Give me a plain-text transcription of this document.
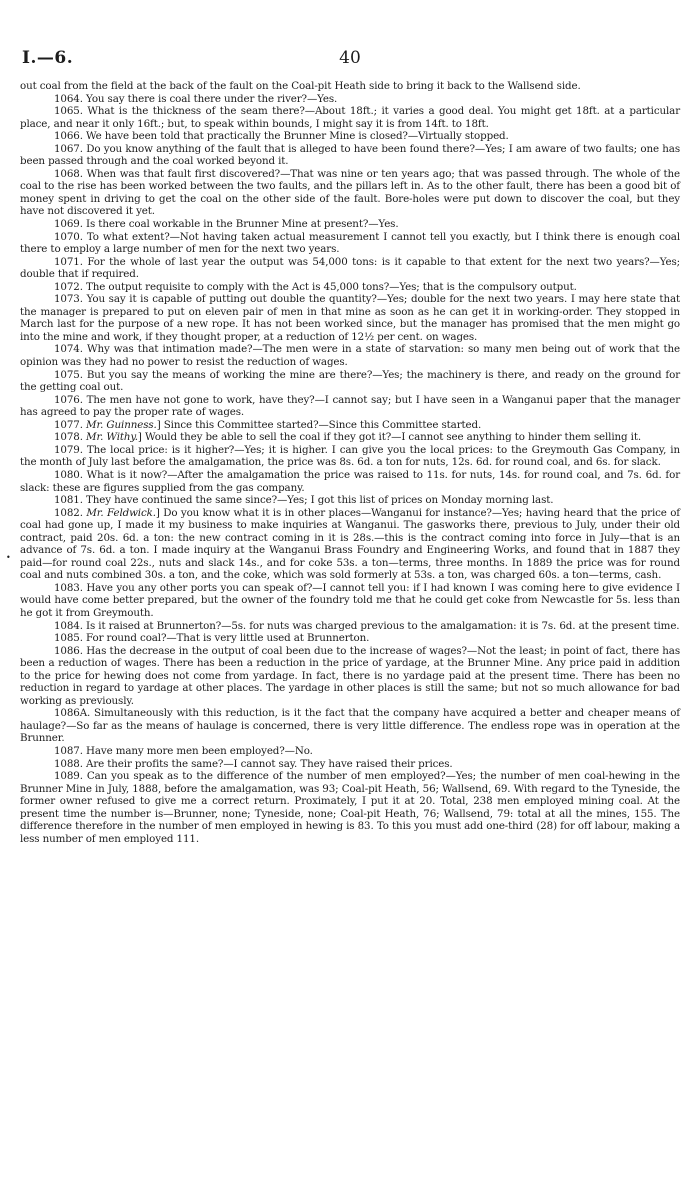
I.—6.	40
•

out coal from the field at the back of the fault on the Coal-pit Heath side to bring it back to the Wallsend side.

1064. You say there is coal there under the river?—Yes.

1065. What is the thickness of the seam there?—About 18ft.; it varies a good deal. You might get 18ft. at a particular place, and near it only 16ft.; but, to speak within bounds, I might say it is from 14ft. to 18ft.

1066. We have been told that practically the Brunner Mine is closed?—Virtually stopped.

1067. Do you know anything of the fault that is alleged to have been found there?—Yes; I am aware of two faults; one has been passed through and the coal worked beyond it.

1068. When was that fault first discovered?—That was nine or ten years ago; that was passed through. The whole of the coal to the rise has been worked between the two faults, and the pillars left in. As to the other fault, there has been a good bit of money spent in driving to get the coal on the other side of the fault. Bore-holes were put down to discover the coal, but they have not discovered it yet.

1069. Is there coal workable in the Brunner Mine at present?—Yes.

1070. To what extent?—Not having taken actual measurement I cannot tell you exactly, but I think there is enough coal there to employ a large number of men for the next two years.

1071. For the whole of last year the output was 54,000 tons: is it capable to that extent for the next two years?—Yes; double that if required.

1072. The output requisite to comply with the Act is 45,000 tons?—Yes; that is the compulsory output.

1073. You say it is capable of putting out double the quantity?—Yes; double for the next two years. I may here state that the manager is prepared to put on eleven pair of men in that mine as soon as he can get it in working-order. They stopped in March last for the purpose of a new rope. It has not been worked since, but the manager has promised that the men might go into the mine and work, if they thought proper, at a reduction of 12½ per cent. on wages.

1074. Why was that intimation made?—The men were in a state of starvation: so many men being out of work that the opinion was they had no power to resist the reduction of wages.

1075. But you say the means of working the mine are there?—Yes; the machinery is there, and ready on the ground for the getting coal out.

1076. The men have not gone to work, have they?—I cannot say; but I have seen in a Wanganui paper that the manager has agreed to pay the proper rate of wages.

1077. Mr. Guinness.] Since this Committee started?—Since this Committee started.

1078. Mr. Withy.] Would they be able to sell the coal if they got it?—I cannot see anything to hinder them selling it.

1079. The local price: is it higher?—Yes; it is higher. I can give you the local prices: to the Greymouth Gas Company, in the month of July last before the amalgamation, the price was 8s. 6d. a ton for nuts, 12s. 6d. for round coal, and 6s. for slack.

1080. What is it now?—After the amalgamation the price was raised to 11s. for nuts, 14s. for round coal, and 7s. 6d. for slack: these are figures supplied from the gas company.

1081. They have continued the same since?—Yes; I got this list of prices on Monday morning last.

1082. Mr. Feldwick.] Do you know what it is in other places—Wanganui for instance?—Yes; having heard that the price of coal had gone up, I made it my business to make inquiries at Wanganui. The gasworks there, previous to July, under their old contract, paid 20s. 6d. a ton: the new contract coming in it is 28s.—this is the contract coming into force in July—that is an advance of 7s. 6d. a ton. I made inquiry at the Wanganui Brass Foundry and Engineering Works, and found that in 1887 they paid—for round coal 22s., nuts and slack 14s., and for coke 53s. a ton—terms, three months. In 1889 the price was for round coal and nuts combined 30s. a ton, and the coke, which was sold formerly at 53s. a ton, was charged 60s. a ton—terms, cash.

1083. Have you any other ports you can speak of?—I cannot tell you: if I had known I was coming here to give evidence I would have come better prepared, but the owner of the foundry told me that he could get coke from Newcastle for 5s. less than he got it from Greymouth.

1084. Is it raised at Brunnerton?—5s. for nuts was charged previous to the amalgamation: it is 7s. 6d. at the present time.

1085. For round coal?—That is very little used at Brunnerton.

1086. Has the decrease in the output of coal been due to the increase of wages?—Not the least; in point of fact, there has been a reduction of wages. There has been a reduction in the price of yardage, at the Brunner Mine. Any price paid in addition to the price for hewing does not come from yardage. In fact, there is no yardage paid at the present time. There has been no reduction in regard to yardage at other places. The yardage in other places is still the same; but not so much allowance for bad working as previously.

1086A. Simultaneously with this reduction, is it the fact that the company have acquired a better and cheaper means of haulage?—So far as the means of haulage is concerned, there is very little difference. The endless rope was in operation at the Brunner.

1087. Have many more men been employed?—No.

1088. Are their profits the same?—I cannot say. They have raised their prices.

1089. Can you speak as to the difference of the number of men employed?—Yes; the number of men coal-hewing in the Brunner Mine in July, 1888, before the amalgamation, was 93; Coal-pit Heath, 56; Wallsend, 69. With regard to the Tyneside, the former owner refused to give me a correct return. Proximately, I put it at 20. Total, 238 men employed mining coal. At the present time the number is—Brunner, none; Tyneside, none; Coal-pit Heath, 76; Wallsend, 79: total at all the mines, 155. The difference therefore in the number of men employed in hewing is 83. To this you must add one-third (28) for off labour, making a less number of men employed 111.
